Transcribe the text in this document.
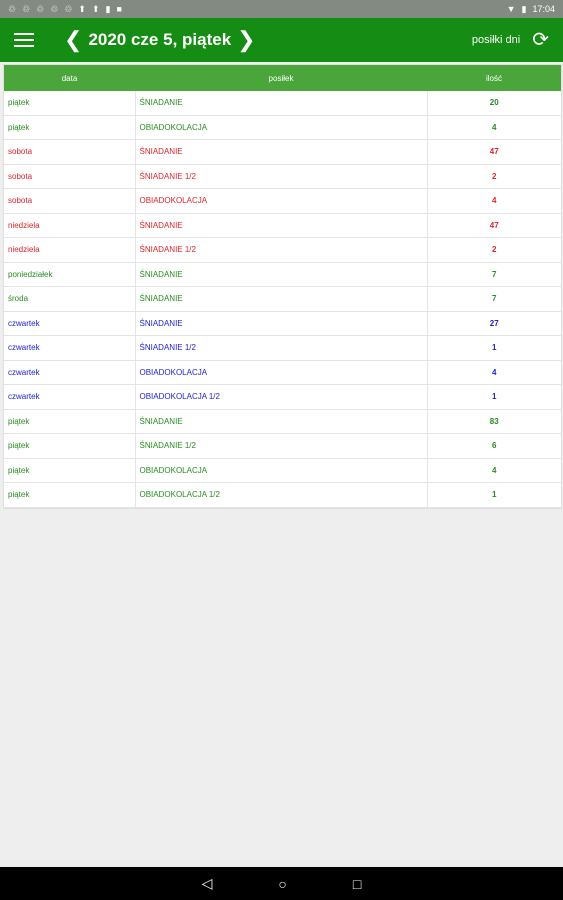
♲ ♲ ♲ ♲ ♲ ⬆ ⬆ ▮ ■	▼ ▮ 17:04
❮ 2020 cze 5, piątek ❯	posiłki dni ⟳
data	posiłek	ilość
piątek	ŚNIADANIE	20
piątek	OBIADOKOLACJA	4
sobota	ŚNIADANIE	47
sobota	ŚNIADANIE 1/2	2
sobota	OBIADOKOLACJA	4
niedziela	ŚNIADANIE	47
niedziela	ŚNIADANIE 1/2	2
poniedziałek	ŚNIADANIE	7
środa	ŚNIADANIE	7
czwartek	ŚNIADANIE	27
czwartek	ŚNIADANIE 1/2	1
czwartek	OBIADOKOLACJA	4
czwartek	OBIADOKOLACJA 1/2	1
piątek	ŚNIADANIE	83
piątek	ŚNIADANIE 1/2	6
piątek	OBIADOKOLACJA	4
piątek	OBIADOKOLACJA 1/2	1
◁	○	□
